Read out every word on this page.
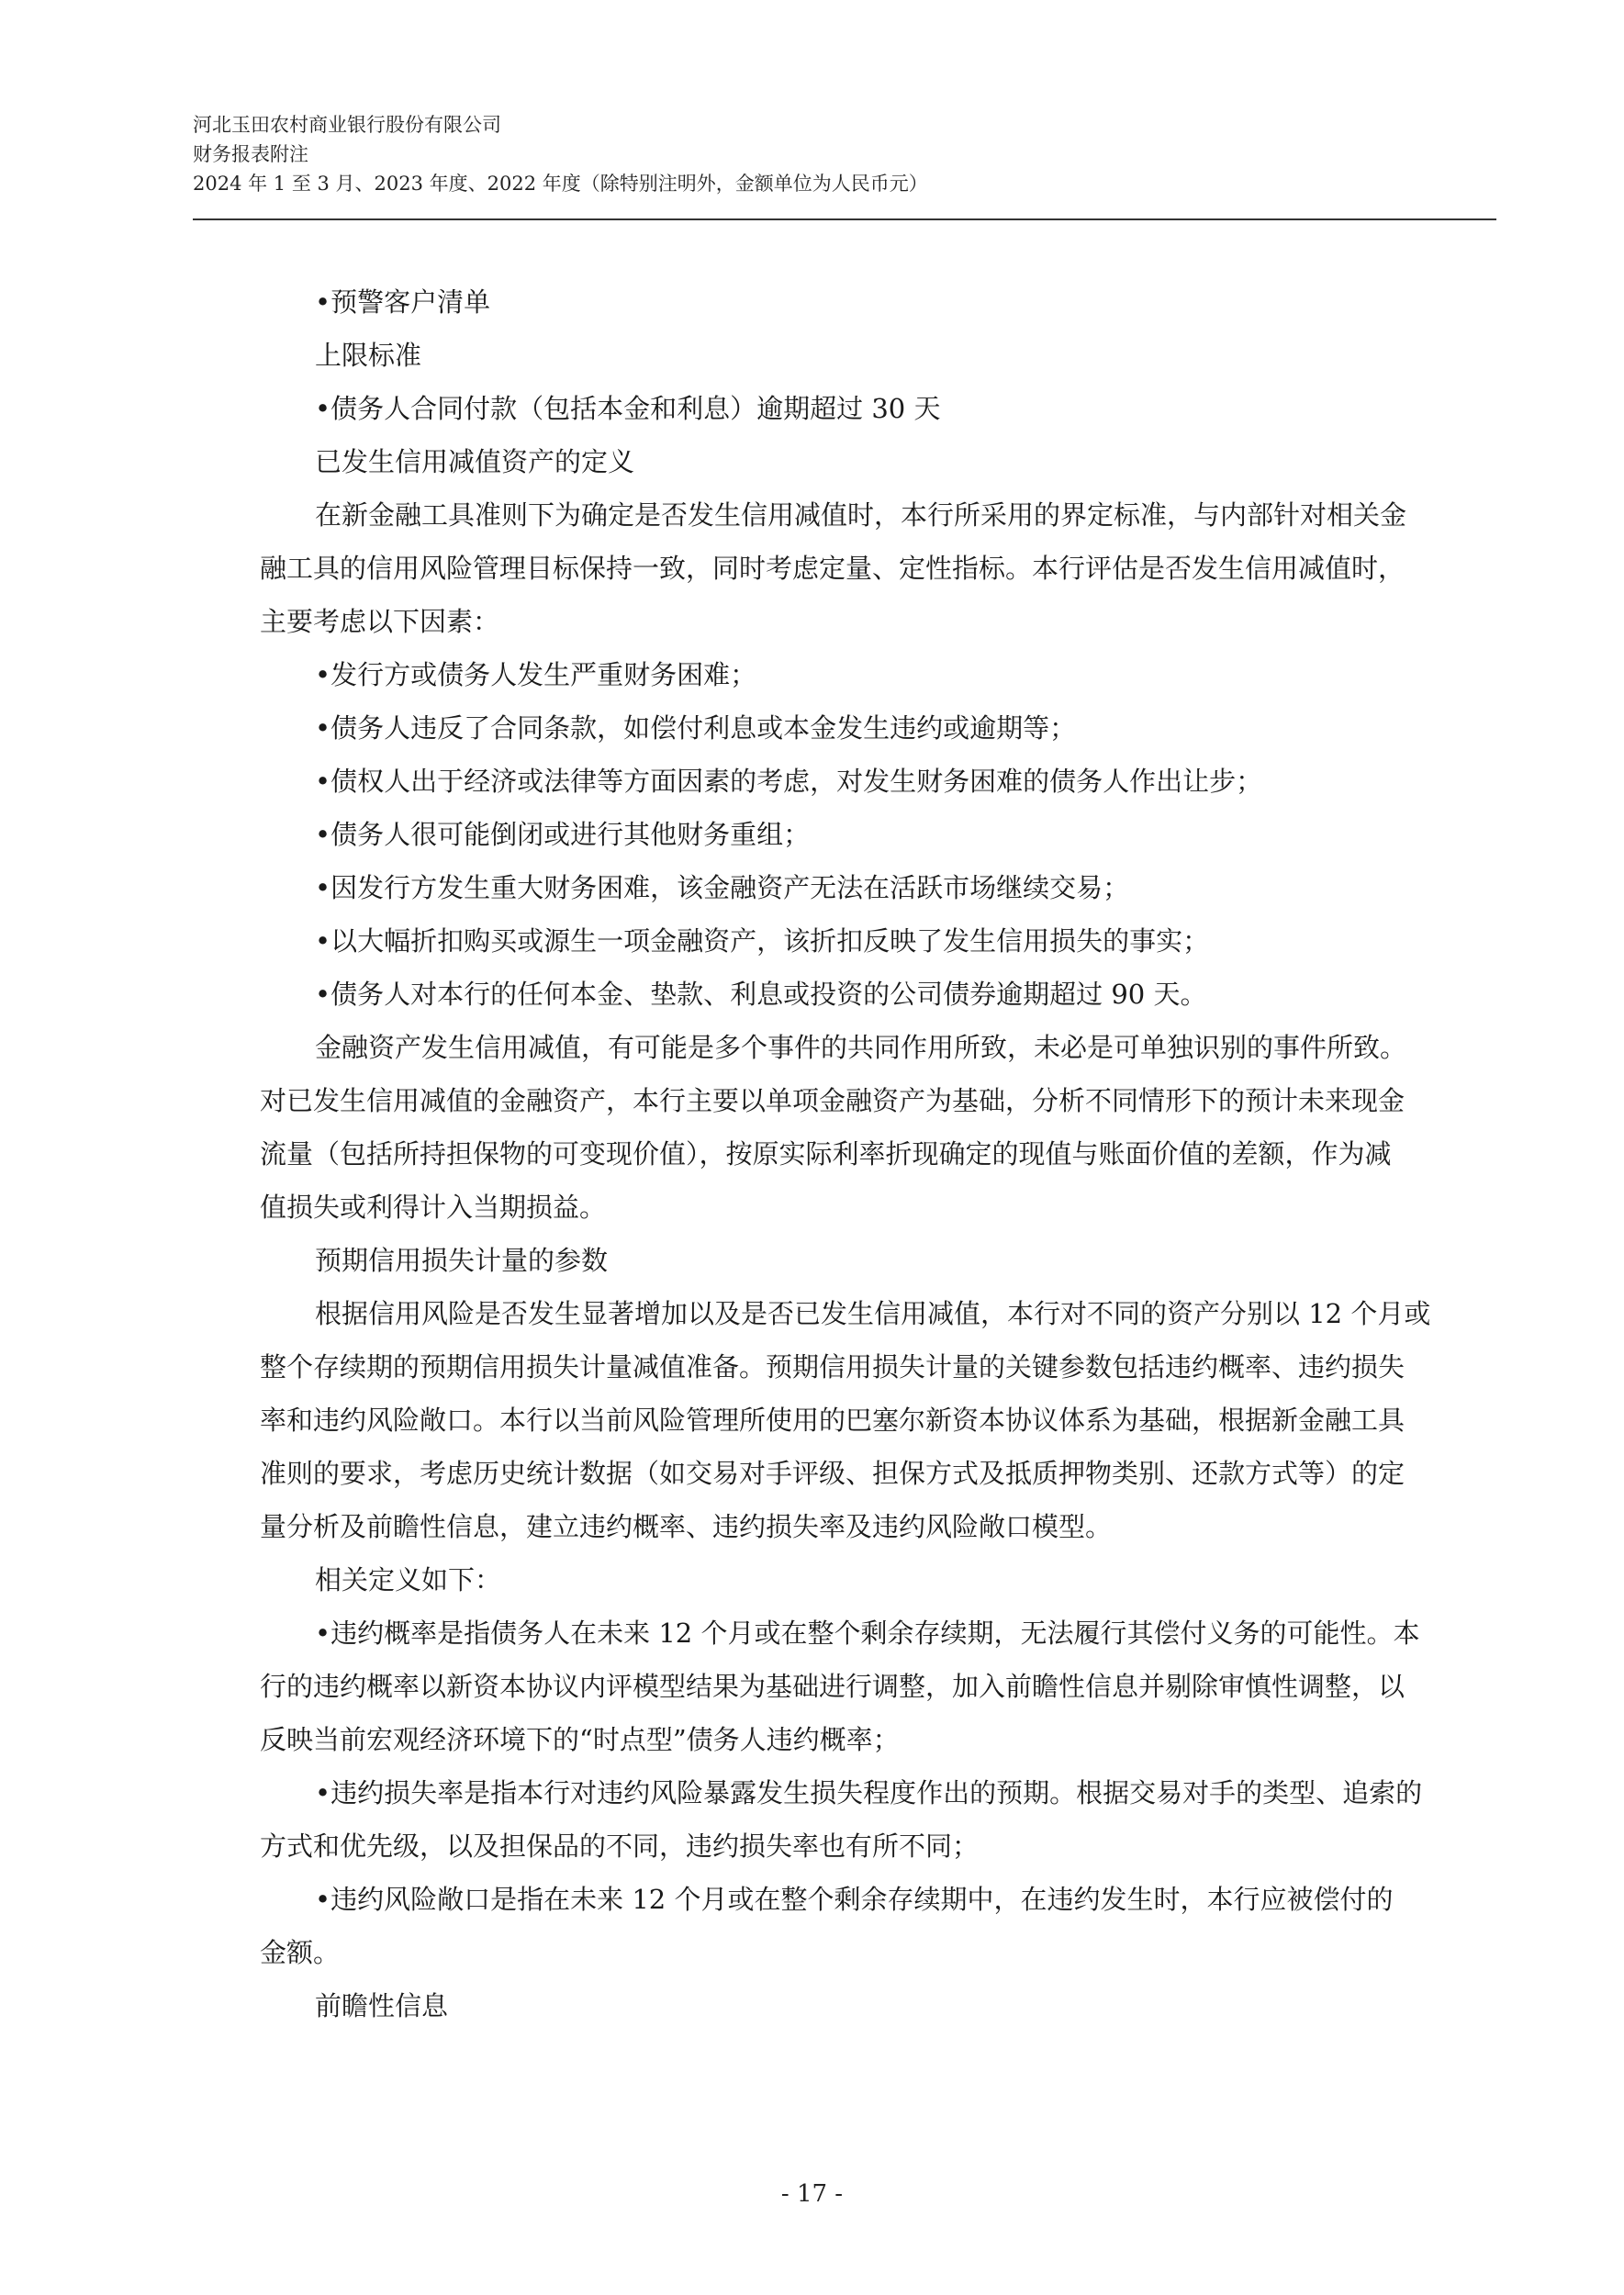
河北玉田农村商业银行股份有限公司
财务报表附注
2024 年 1 至 3 月、2023 年度、2022 年度（除特别注明外，金额单位为人民币元）

•预警客户清单

上限标准

•债务人合同付款（包括本金和利息）逾期超过 30 天

已发生信用减值资产的定义

在新金融工具准则下为确定是否发生信用减值时，本行所采用的界定标准，与内部针对相关金

融工具的信用风险管理目标保持一致，同时考虑定量、定性指标。本行评估是否发生信用减值时，

主要考虑以下因素：

•发行方或债务人发生严重财务困难；

•债务人违反了合同条款，如偿付利息或本金发生违约或逾期等；

•债权人出于经济或法律等方面因素的考虑，对发生财务困难的债务人作出让步；

•债务人很可能倒闭或进行其他财务重组；

•因发行方发生重大财务困难，该金融资产无法在活跃市场继续交易；

•以大幅折扣购买或源生一项金融资产，该折扣反映了发生信用损失的事实；

•债务人对本行的任何本金、垫款、利息或投资的公司债券逾期超过 90 天。

金融资产发生信用减值，有可能是多个事件的共同作用所致，未必是可单独识别的事件所致。

对已发生信用减值的金融资产，本行主要以单项金融资产为基础，分析不同情形下的预计未来现金

流量（包括所持担保物的可变现价值），按原实际利率折现确定的现值与账面价值的差额，作为减

值损失或利得计入当期损益。

预期信用损失计量的参数

根据信用风险是否发生显著增加以及是否已发生信用减值，本行对不同的资产分别以 12 个月或

整个存续期的预期信用损失计量减值准备。预期信用损失计量的关键参数包括违约概率、违约损失

率和违约风险敞口。本行以当前风险管理所使用的巴塞尔新资本协议体系为基础，根据新金融工具

准则的要求，考虑历史统计数据（如交易对手评级、担保方式及抵质押物类别、还款方式等）的定

量分析及前瞻性信息，建立违约概率、违约损失率及违约风险敞口模型。

相关定义如下：

•违约概率是指债务人在未来 12 个月或在整个剩余存续期，无法履行其偿付义务的可能性。本

行的违约概率以新资本协议内评模型结果为基础进行调整，加入前瞻性信息并剔除审慎性调整，以

反映当前宏观经济环境下的“时点型”债务人违约概率；

•违约损失率是指本行对违约风险暴露发生损失程度作出的预期。根据交易对手的类型、追索的

方式和优先级，以及担保品的不同，违约损失率也有所不同；

•违约风险敞口是指在未来 12 个月或在整个剩余存续期中，在违约发生时，本行应被偿付的

金额。

前瞻性信息

- 17 -
